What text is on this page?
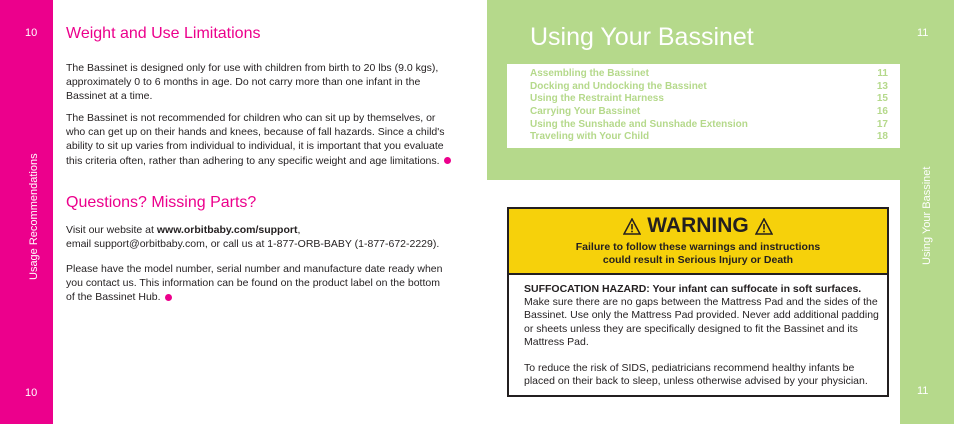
10
Usage Recommendations
10
Weight and Use Limitations

The Bassinet is designed only for use with children from birth to 20 lbs (9.0 kgs), approximately 0 to 6 months in age. Do not carry more than one infant in the Bassinet at a time.

The Bassinet is not recommended for children who can sit up by themselves, or who can get up on their hands and knees, because of fall hazards. Since a child's ability to sit up varies from individual to individual, it is important that you evaluate this criteria often, rather than adhering to any specific weight and age limitations.

Questions? Missing Parts?

Visit our website at www.orbitbaby.com/support,
email support@orbitbaby.com, or call us at 1-877-ORB-BABY (1-877-672-2229).

Please have the model number, serial number and manufacture date ready when you contact us. This information can be found on the product label on the bottom of the Bassinet Hub.

11
Using Your Bassinet
11
Using Your Bassinet
Assembling the Bassinet	11
Docking and Undocking the Bassinet	13
Using the Restraint Harness	15
Carrying Your Bassinet	16
Using the Sunshade and Sunshade Extension	17
Traveling with Your Child	18
WARNING
Failure to follow these warnings and instructions
could result in Serious Injury or Death
SUFFOCATION HAZARD: Your infant can suffocate in soft surfaces.
Make sure there are no gaps between the Mattress Pad and the sides of the Bassinet. Use only the Mattress Pad provided. Never add additional padding or sheets unless they are specifically designed to fit the Bassinet and its Mattress Pad.

To reduce the risk of SIDS, pediatricians recommend healthy infants be placed on their back to sleep, unless otherwise advised by your physician.
